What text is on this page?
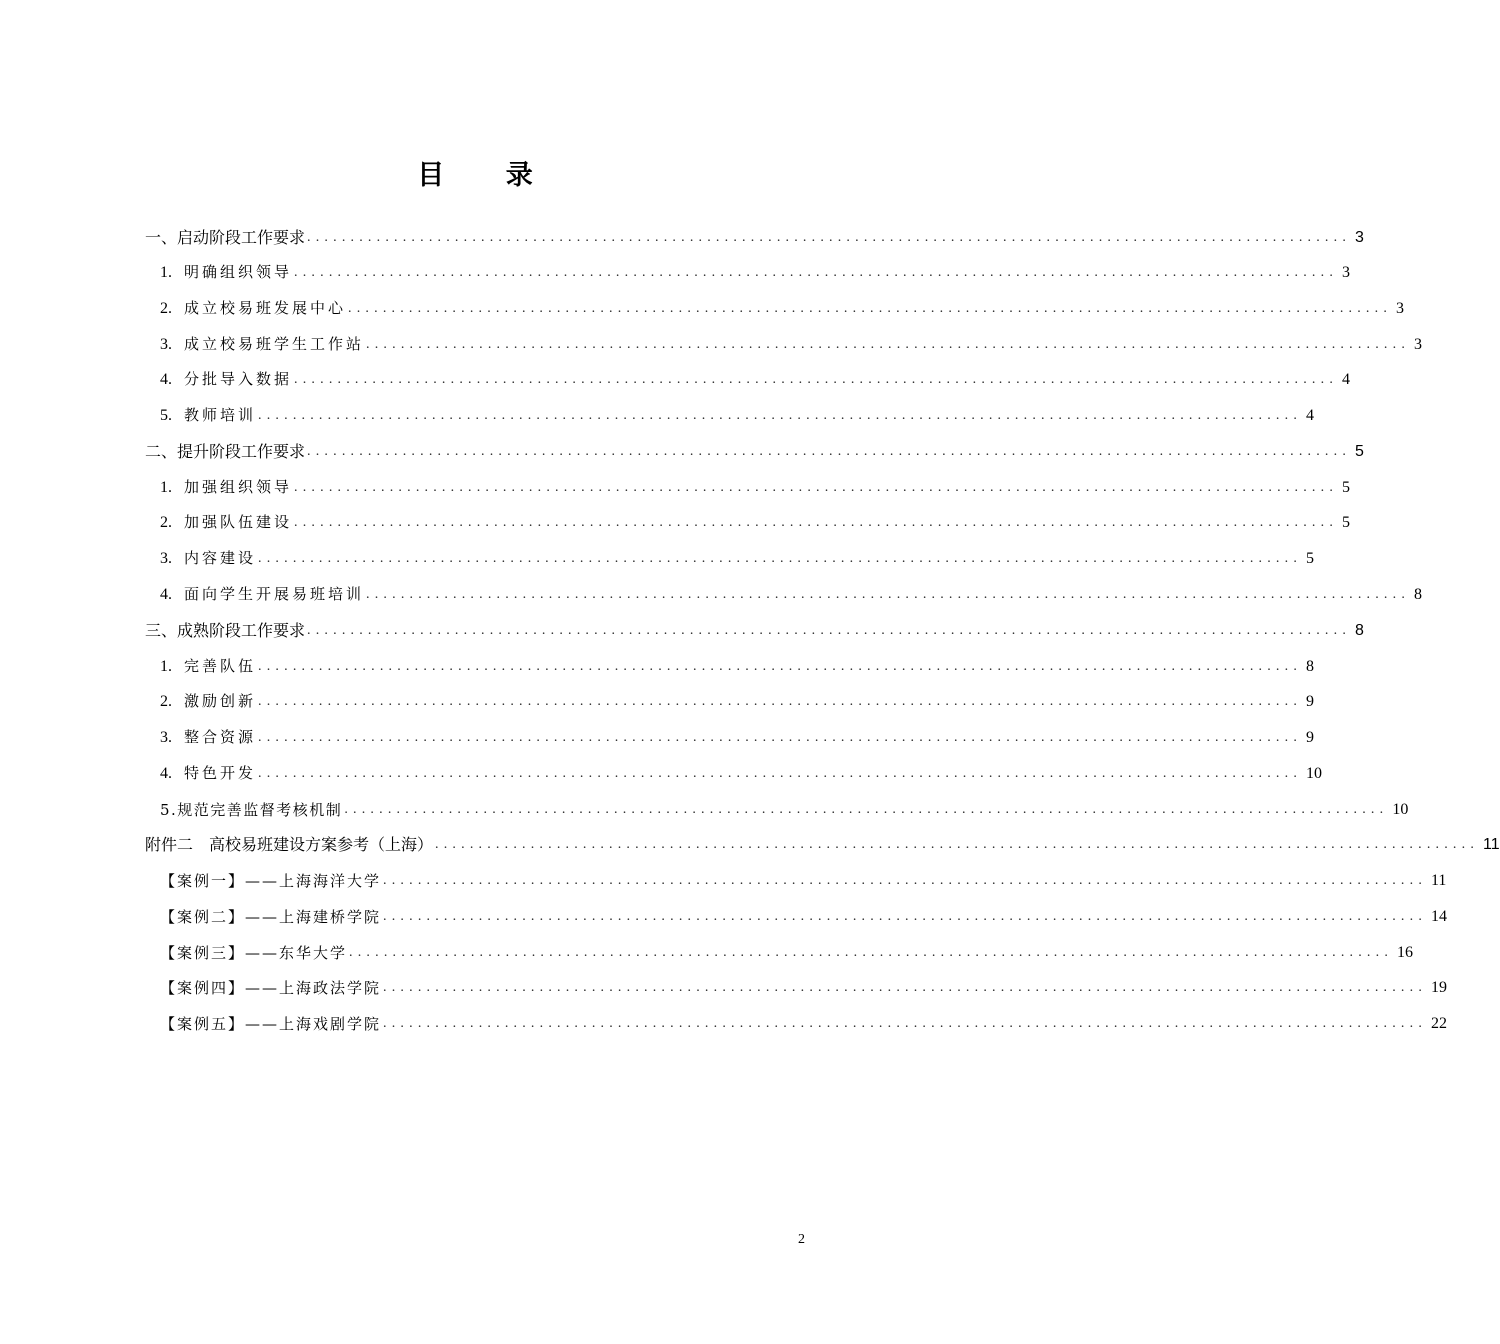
目 录
一、启动阶段工作要求 ........................................................................................................................ 3
1. 明确组织领导 ........................................................................................................................ 3
2. 成立校易班发展中心 ........................................................................................................................ 3
3. 成立校易班学生工作站 ........................................................................................................................ 3
4. 分批导入数据 ........................................................................................................................ 4
5. 教师培训 ........................................................................................................................ 4
二、提升阶段工作要求 ........................................................................................................................ 5
1. 加强组织领导 ........................................................................................................................ 5
2. 加强队伍建设 ........................................................................................................................ 5
3. 内容建设 ........................................................................................................................ 5
4. 面向学生开展易班培训 ........................................................................................................................ 8
三、成熟阶段工作要求 ........................................................................................................................ 8
1. 完善队伍 ........................................................................................................................ 8
2. 激励创新 ........................................................................................................................ 9
3. 整合资源 ........................................................................................................................ 9
4. 特色开发 ........................................................................................................................ 10
5.规范完善监督考核机制 ........................................................................................................................ 10
附件二　高校易班建设方案参考（上海） ........................................................................................................................ 11
【案例一】——上海海洋大学 ........................................................................................................................ 11
【案例二】——上海建桥学院 ........................................................................................................................ 14
【案例三】——东华大学 ........................................................................................................................ 16
【案例四】——上海政法学院 ........................................................................................................................ 19
【案例五】——上海戏剧学院 ........................................................................................................................ 22
2
